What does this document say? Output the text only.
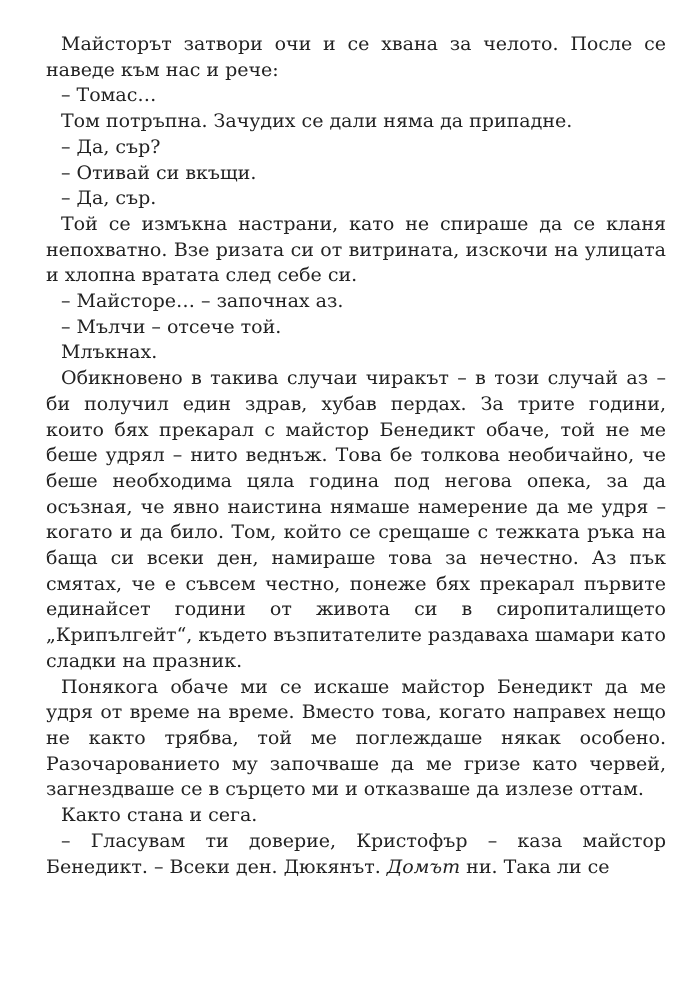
Майсторът затвори очи и се хвана за челото. После се наведе към нас и рече:

– Томас…

Том потръпна. Зачудих се дали няма да припадне.

– Да, сър?

– Отивай си вкъщи.

– Да, сър.

Той се измъкна настрани, като не спираше да се кланя непохватно. Взе ризата си от витрината, изскочи на улицата и хлопна вратата след себе си.

– Майсторе… – започнах аз.

– Мълчи – отсече той.

Млъкнах.

Обикновено в такива случаи чиракът – в този случай аз – би получил един здрав, хубав пердах. За трите години, които бях прекарал с майстор Бенедикт обаче, той не ме беше удрял – нито веднъж. Това бе толкова необичайно, че беше необходима цяла година под негова опека, за да осъзная, че явно наистина нямаше намерение да ме удря – когато и да било. Том, който се срещаше с тежката ръка на баща си всеки ден, намираше това за нечестно. Аз пък смятах, че е съвсем честно, понеже бях прекарал първите единайсет години от живота си в сиропиталището „Крипългейт“, където възпитателите раздаваха шамари като сладки на празник.

Понякога обаче ми се искаше майстор Бенедикт да ме удря от време на време. Вместо това, когато направех нещо не както трябва, той ме поглеждаше някак особено. Разочарованието му започваше да ме гризе като червей, загнездваше се в сърцето ми и отказваше да излезе оттам.

Както стана и сега.

– Гласувам ти доверие, Кристофър – каза майстор Бенедикт. – Всеки ден. Дюкянът. Домът ни. Така ли се
